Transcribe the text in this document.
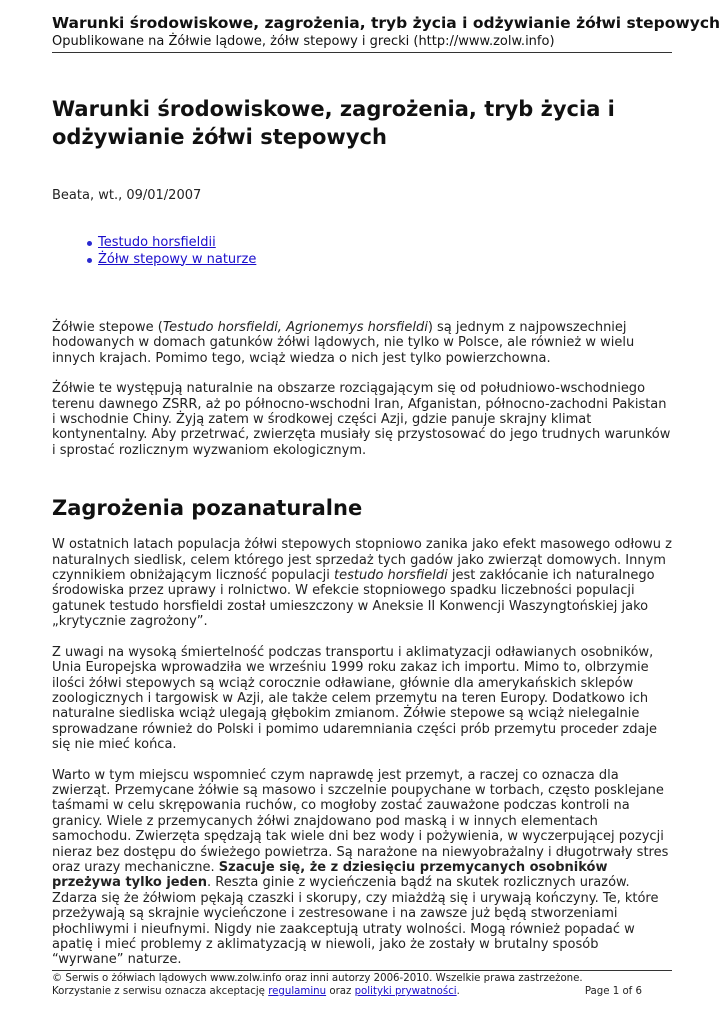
Warunki środowiskowe, zagrożenia, tryb życia i odżywianie żółwi stepowych
Opublikowane na Żółwie lądowe, żółw stepowy i grecki (http://www.zolw.info)
Warunki środowiskowe, zagrożenia, tryb życia i odżywianie żółwi stepowych

Beata, wt., 09/01/2007

Testudo horsfieldii
Żółw stepowy w naturze

Żółwie stepowe (Testudo horsfieldi, Agrionemys horsfieldi) są jednym z najpowszechniej hodowanych w domach gatunków żółwi lądowych, nie tylko w Polsce, ale również w wielu innych krajach. Pomimo tego, wciąż wiedza o nich jest tylko powierzchowna.

Żółwie te występują naturalnie na obszarze rozciągającym się od południowo-wschodniego terenu dawnego ZSRR, aż po północno-wschodni Iran, Afganistan, północno-zachodni Pakistan i wschodnie Chiny. Żyją zatem w środkowej części Azji, gdzie panuje skrajny klimat kontynentalny. Aby przetrwać, zwierzęta musiały się przystosować do jego trudnych warunków i sprostać rozlicznym wyzwaniom ekologicznym.

Zagrożenia pozanaturalne

W ostatnich latach populacja żółwi stepowych stopniowo zanika jako efekt masowego odłowu z naturalnych siedlisk, celem którego jest sprzedaż tych gadów jako zwierząt domowych. Innym czynnikiem obniżającym liczność populacji testudo horsfieldi jest zakłócanie ich naturalnego środowiska przez uprawy i rolnictwo. W efekcie stopniowego spadku liczebności populacji gatunek testudo horsfieldi został umieszczony w Aneksie II Konwencji Waszyngtońskiej jako „krytycznie zagrożony”.

Z uwagi na wysoką śmiertelność podczas transportu i aklimatyzacji odławianych osobników, Unia Europejska wprowadziła we wrześniu 1999 roku zakaz ich importu. Mimo to, olbrzymie ilości żółwi stepowych są wciąż corocznie odławiane, głównie dla amerykańskich sklepów zoologicznych i targowisk w Azji, ale także celem przemytu na teren Europy. Dodatkowo ich naturalne siedliska wciąż ulegają głębokim zmianom. Żółwie stepowe są wciąż nielegalnie sprowadzane również do Polski i pomimo udaremniania części prób przemytu proceder zdaje się nie mieć końca.

Warto w tym miejscu wspomnieć czym naprawdę jest przemyt, a raczej co oznacza dla zwierząt. Przemycane żółwie są masowo i szczelnie poupychane w torbach, często posklejane taśmami w celu skrępowania ruchów, co mogłoby zostać zauważone podczas kontroli na granicy. Wiele z przemycanych żółwi znajdowano pod maską i w innych elementach samochodu. Zwierzęta spędzają tak wiele dni bez wody i pożywienia, w wyczerpującej pozycji nieraz bez dostępu do świeżego powietrza. Są narażone na niewyobrażalny i długotrwały stres oraz urazy mechaniczne. Szacuje się, że z dziesięciu przemycanych osobników przeżywa tylko jeden. Reszta ginie z wycieńczenia bądź na skutek rozlicznych urazów. Zdarza się że żółwiom pękają czaszki i skorupy, czy miażdżą się i urywają kończyny. Te, które przeżywają są skrajnie wycieńczone i zestresowane i na zawsze już będą stworzeniami płochliwymi i nieufnymi. Nigdy nie zaakceptują utraty wolności. Mogą również popadać w apatię i mieć problemy z aklimatyzacją w niewoli, jako że zostały w brutalny sposób “wyrwane” naturze.

© Serwis o żółwiach lądowych www.zolw.info oraz inni autorzy 2006-2010. Wszelkie prawa zastrzeżone.
Korzystanie z serwisu oznacza akceptację regulaminu oraz polityki prywatności.	Page 1 of 6
